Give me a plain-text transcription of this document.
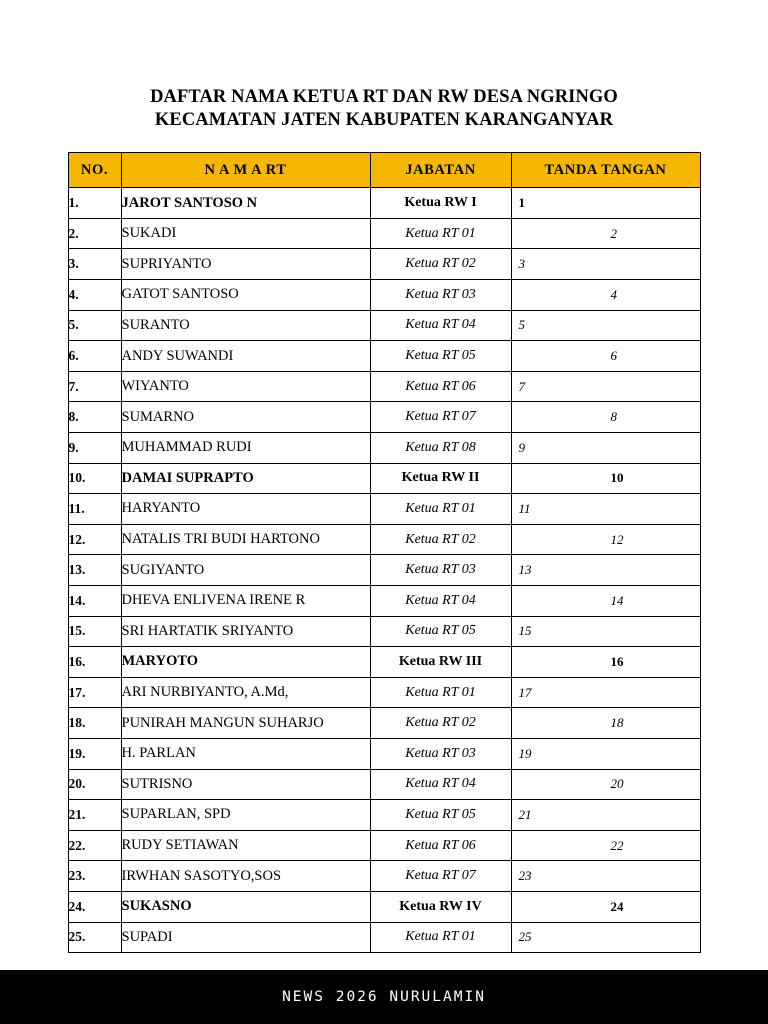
DAFTAR NAMA KETUA RT DAN RW DESA NGRINGO
KECAMATAN JATEN KABUPATEN KARANGANYAR
NO.	N A M A RT	JABATAN	TANDA TANGAN
1.	JAROT SANTOSO N	Ketua RW I	1

2.	SUKADI	Ketua RT 01	2

3.	SUPRIYANTO	Ketua RT 02	3

4.	GATOT SANTOSO	Ketua RT 03	4

5.	SURANTO	Ketua RT 04	5

6.	ANDY SUWANDI	Ketua RT 05	6

7.	WIYANTO	Ketua RT 06	7

8.	SUMARNO	Ketua RT 07	8

9.	MUHAMMAD RUDI	Ketua RT 08	9

10.	DAMAI SUPRAPTO	Ketua RW II	10

11.	HARYANTO	Ketua RT 01	11

12.	NATALIS TRI BUDI HARTONO	Ketua RT 02	12

13.	SUGIYANTO	Ketua RT 03	13

14.	DHEVA ENLIVENA IRENE R	Ketua RT 04	14

15.	SRI HARTATIK SRIYANTO	Ketua RT 05	15

16.	MARYOTO	Ketua RW III	16

17.	ARI NURBIYANTO, A.Md,	Ketua RT 01	17

18.	PUNIRAH MANGUN SUHARJO	Ketua RT 02	18

19.	H. PARLAN	Ketua RT 03	19

20.	SUTRISNO	Ketua RT 04	20

21.	SUPARLAN, SPD	Ketua RT 05	21

22.	RUDY SETIAWAN	Ketua RT 06	22

23.	IRWHAN SASOTYO,SOS	Ketua RT 07	23

24.	SUKASNO	Ketua RW IV	24

25.	SUPADI	Ketua RT 01	25
NEWS 2026 NURULAMIN
